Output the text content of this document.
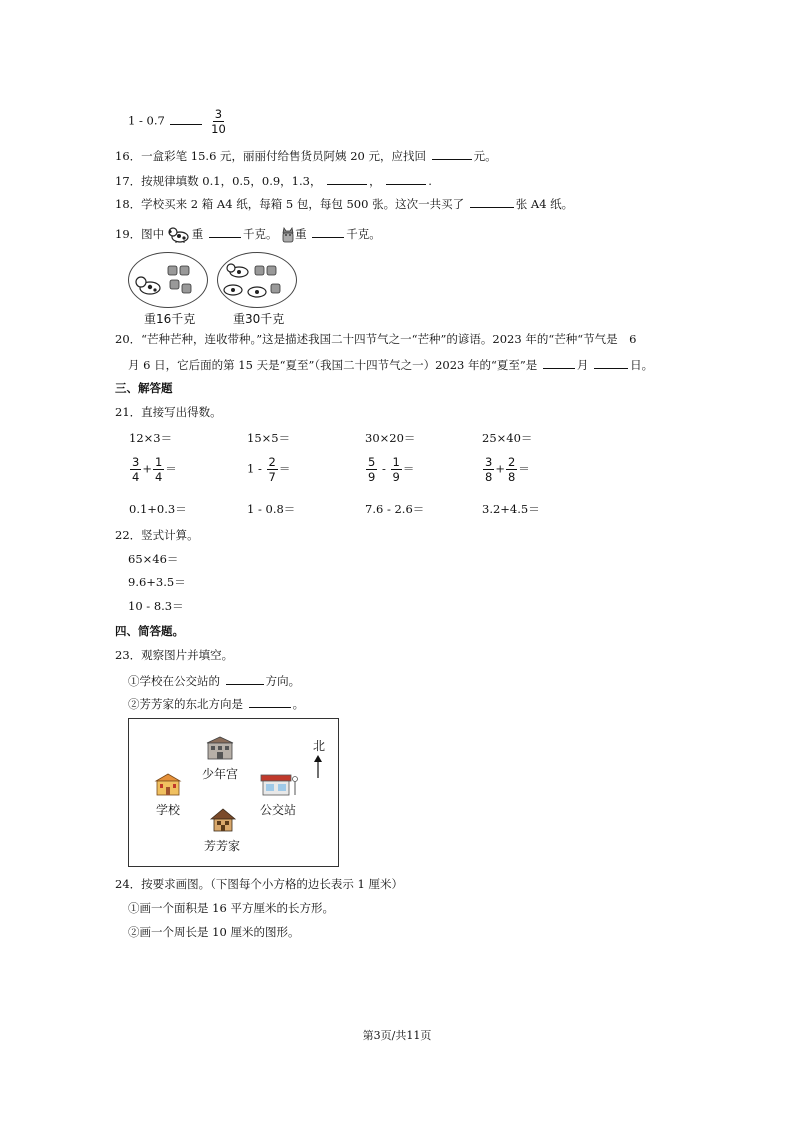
1 - 0.7	$\frac{3}{10}$
16．一盒彩笔 15.6 元，丽丽付给售货员阿姨 20 元，应找回	元。
17．按规律填数 0.1，0.5，0.9，1.3，	，	.
18．学校买来 2 箱 A4 纸，每箱 5 包，每包 500 张。这次一共买了	张 A4 纸。
19．图中 重	千克。 重	千克。
重16千克	重30千克
20．“芒种芒种，连收带种。”这是描述我国二十四节气之一“芒种”的谚语。2023 年的“芒种“节气是　6
月 6 日，它后面的第 15 天是“夏至”（我国二十四节气之一）2023 年的“夏至”是	月	日。
三、解答题
21．直接写出得数。
12×3＝	15×5＝	30×20＝	25×40＝
$\frac{3}{4} + \frac{1}{4}$ ＝	$1 - \frac{2}{7}$ ＝	$\frac{5}{9} - \frac{1}{9}$ ＝	$\frac{3}{8} + \frac{2}{8}$ ＝
0.1+0.3＝	1 - 0.8＝	7.6 - 2.6＝	3.2+4.5＝
22．竖式计算。
65×46＝
9.6+3.5＝
10 - 8.3＝
四、简答题。
23．观察图片并填空。
①学校在公交站的	方向。
②芳芳家的东北方向是	。
少年宫
学校	公交站
芳芳家
北
24．按要求画图。（下图每个小方格的边长表示 1 厘米）
①画一个面积是 16 平方厘米的长方形。
②画一个周长是 10 厘米的图形。
第3页/共11页
